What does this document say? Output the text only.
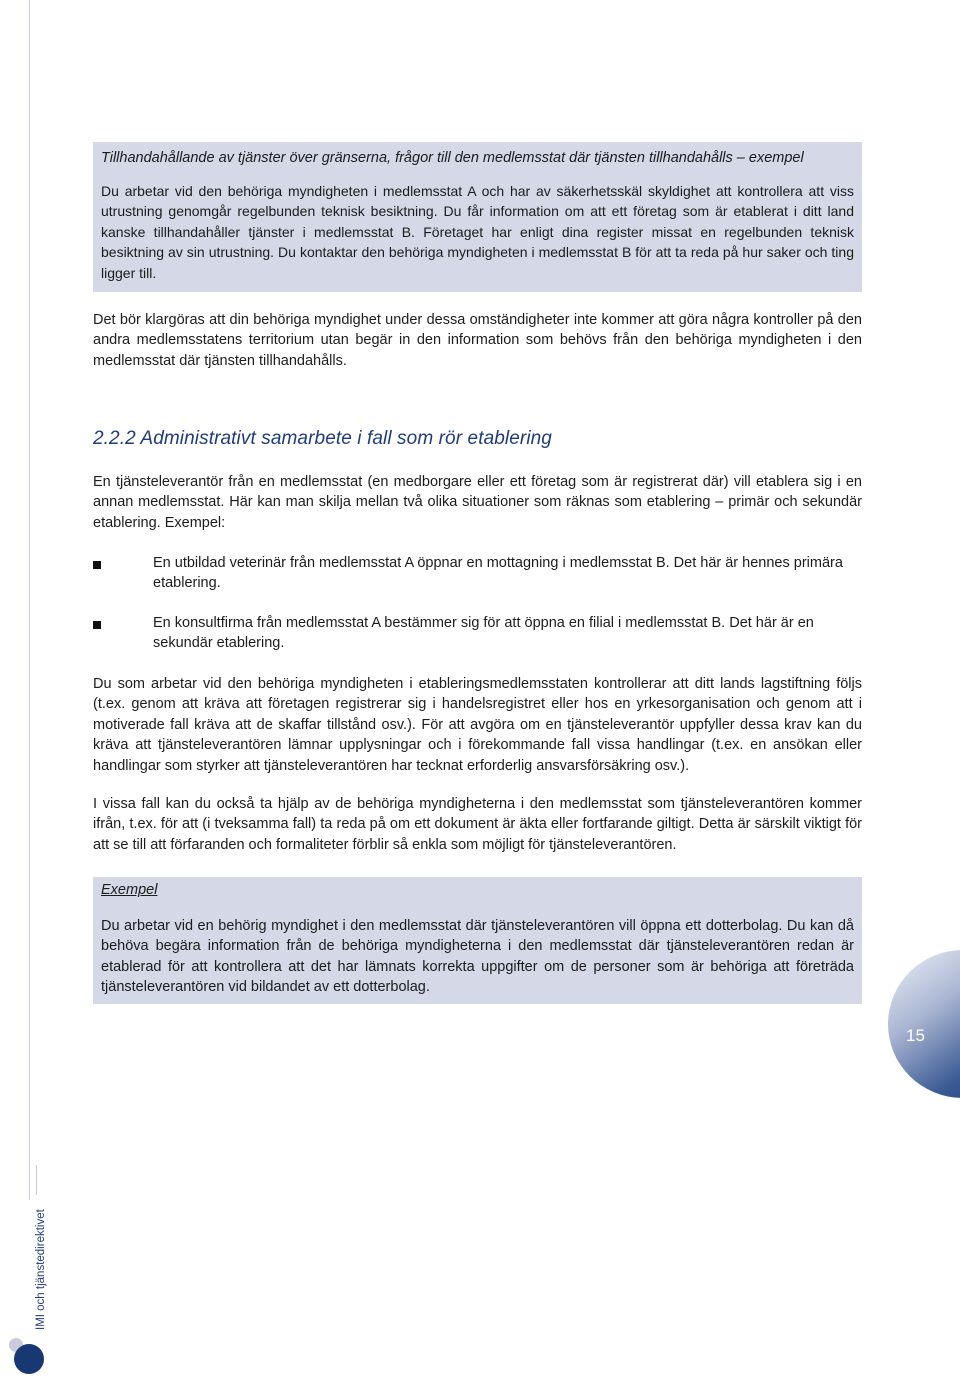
Tillhandahållande av tjänster över gränserna, frågor till den medlemsstat där tjänsten tillhandahålls – exempel

Du arbetar vid den behöriga myndigheten i medlemsstat A och har av säkerhetsskäl skyldighet att kontrollera att viss utrustning genomgår regelbunden teknisk besiktning. Du får information om att ett företag som är etablerat i ditt land kanske tillhandahåller tjänster i medlemsstat B. Företaget har enligt dina register missat en regelbunden teknisk besiktning av sin utrustning. Du kontaktar den behöriga myndigheten i medlemsstat B för att ta reda på hur saker och ting ligger till.

Det bör klargöras att din behöriga myndighet under dessa omständigheter inte kommer att göra några kontroller på den andra medlemsstatens territorium utan begär in den information som behövs från den behöriga myndigheten i den medlemsstat där tjänsten tillhandahålls.

2.2.2 Administrativt samarbete i fall som rör etablering

En tjänsteleverantör från en medlemsstat (en medborgare eller ett företag som är registrerat där) vill etablera sig i en annan medlemsstat. Här kan man skilja mellan två olika situationer som räknas som etablering – primär och sekundär etablering. Exempel:

En utbildad veterinär från medlemsstat A öppnar en mottagning i medlemsstat B. Det här är hennes primära etablering.

En konsultfirma från medlemsstat A bestämmer sig för att öppna en filial i medlemsstat B. Det här är en sekundär etablering.

Du som arbetar vid den behöriga myndigheten i etableringsmedlemsstaten kontrollerar att ditt lands lagstiftning följs (t.ex. genom att kräva att företagen registrerar sig i handelsregistret eller hos en yrkesorganisation och genom att i motiverade fall kräva att de skaffar tillstånd osv.). För att avgöra om en tjänsteleverantör uppfyller dessa krav kan du kräva att tjänsteleverantören lämnar upplysningar och i förekommande fall vissa handlingar (t.ex. en ansökan eller handlingar som styrker att tjänsteleverantören har tecknat erforderlig ansvarsförsäkring osv.).

I vissa fall kan du också ta hjälp av de behöriga myndigheterna i den medlemsstat som tjänsteleverantören kommer ifrån, t.ex. för att (i tveksamma fall) ta reda på om ett dokument är äkta eller fortfarande giltigt. Detta är särskilt viktigt för att se till att förfaranden och formaliteter förblir så enkla som möjligt för tjänsteleverantören.

Exempel

Du arbetar vid en behörig myndighet i den medlemsstat där tjänsteleverantören vill öppna ett dotterbolag. Du kan då behöva begära information från de behöriga myndigheterna i den medlemsstat där tjänsteleverantören redan är etablerad för att kontrollera att det har lämnats korrekta uppgifter om de personer som är behöriga att företräda tjänsteleverantören vid bildandet av ett dotterbolag.

15

IMI och tjänstedirektivet
